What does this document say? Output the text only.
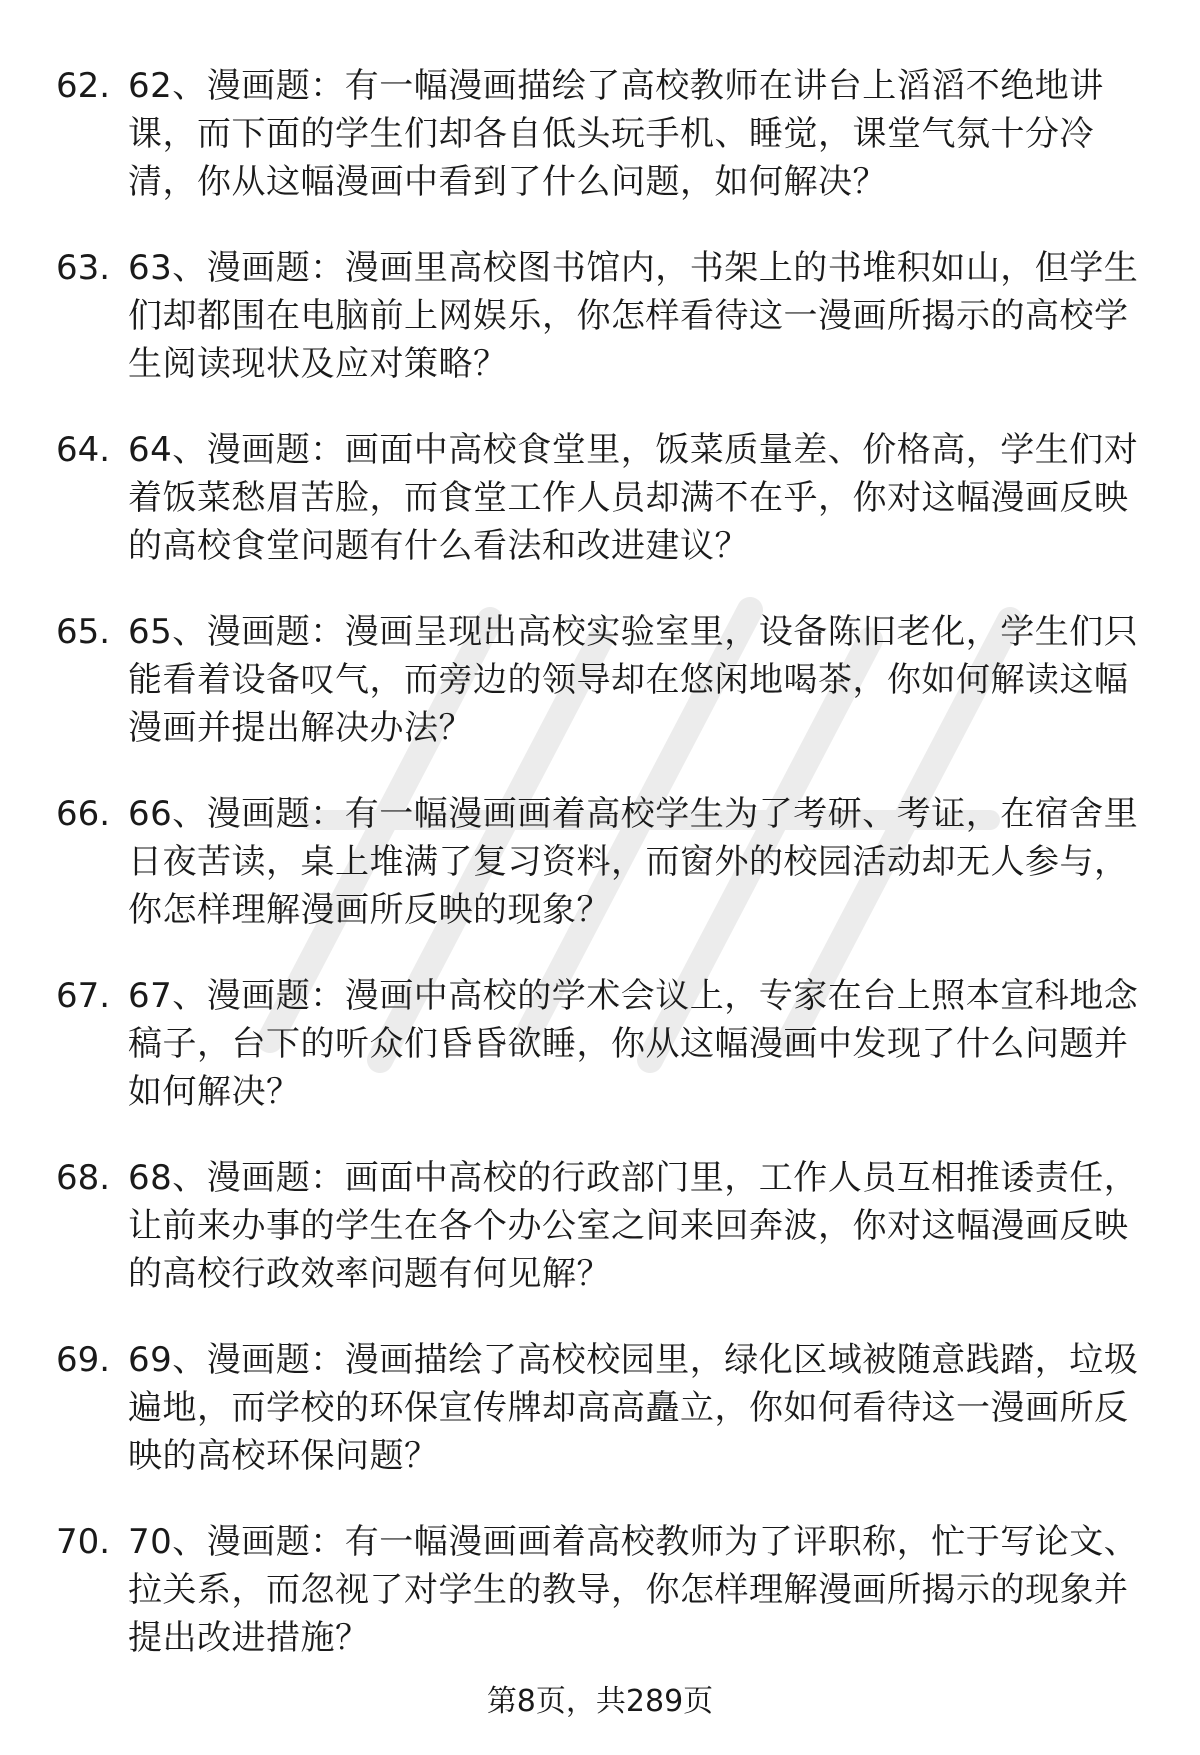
62. 62、漫画题：有一幅漫画描绘了高校教师在讲台上滔滔不绝地讲课，而下面的学生们却各自低头玩手机、睡觉，课堂气氛十分冷清，你从这幅漫画中看到了什么问题，如何解决？
63. 63、漫画题：漫画里高校图书馆内，书架上的书堆积如山，但学生们却都围在电脑前上网娱乐，你怎样看待这一漫画所揭示的高校学生阅读现状及应对策略？
64. 64、漫画题：画面中高校食堂里，饭菜质量差、价格高，学生们对着饭菜愁眉苦脸，而食堂工作人员却满不在乎，你对这幅漫画反映的高校食堂问题有什么看法和改进建议？
65. 65、漫画题：漫画呈现出高校实验室里，设备陈旧老化，学生们只能看着设备叹气，而旁边的领导却在悠闲地喝茶，你如何解读这幅漫画并提出解决办法？
66. 66、漫画题：有一幅漫画画着高校学生为了考研、考证，在宿舍里日夜苦读，桌上堆满了复习资料，而窗外的校园活动却无人参与，你怎样理解漫画所反映的现象？
67. 67、漫画题：漫画中高校的学术会议上，专家在台上照本宣科地念稿子，台下的听众们昏昏欲睡，你从这幅漫画中发现了什么问题并如何解决？
68. 68、漫画题：画面中高校的行政部门里，工作人员互相推诿责任，让前来办事的学生在各个办公室之间来回奔波，你对这幅漫画反映的高校行政效率问题有何见解？
69. 69、漫画题：漫画描绘了高校校园里，绿化区域被随意践踏，垃圾遍地，而学校的环保宣传牌却高高矗立，你如何看待这一漫画所反映的高校环保问题？
70. 70、漫画题：有一幅漫画画着高校教师为了评职称，忙于写论文、拉关系，而忽视了对学生的教导，你怎样理解漫画所揭示的现象并提出改进措施？
第8页，共289页
